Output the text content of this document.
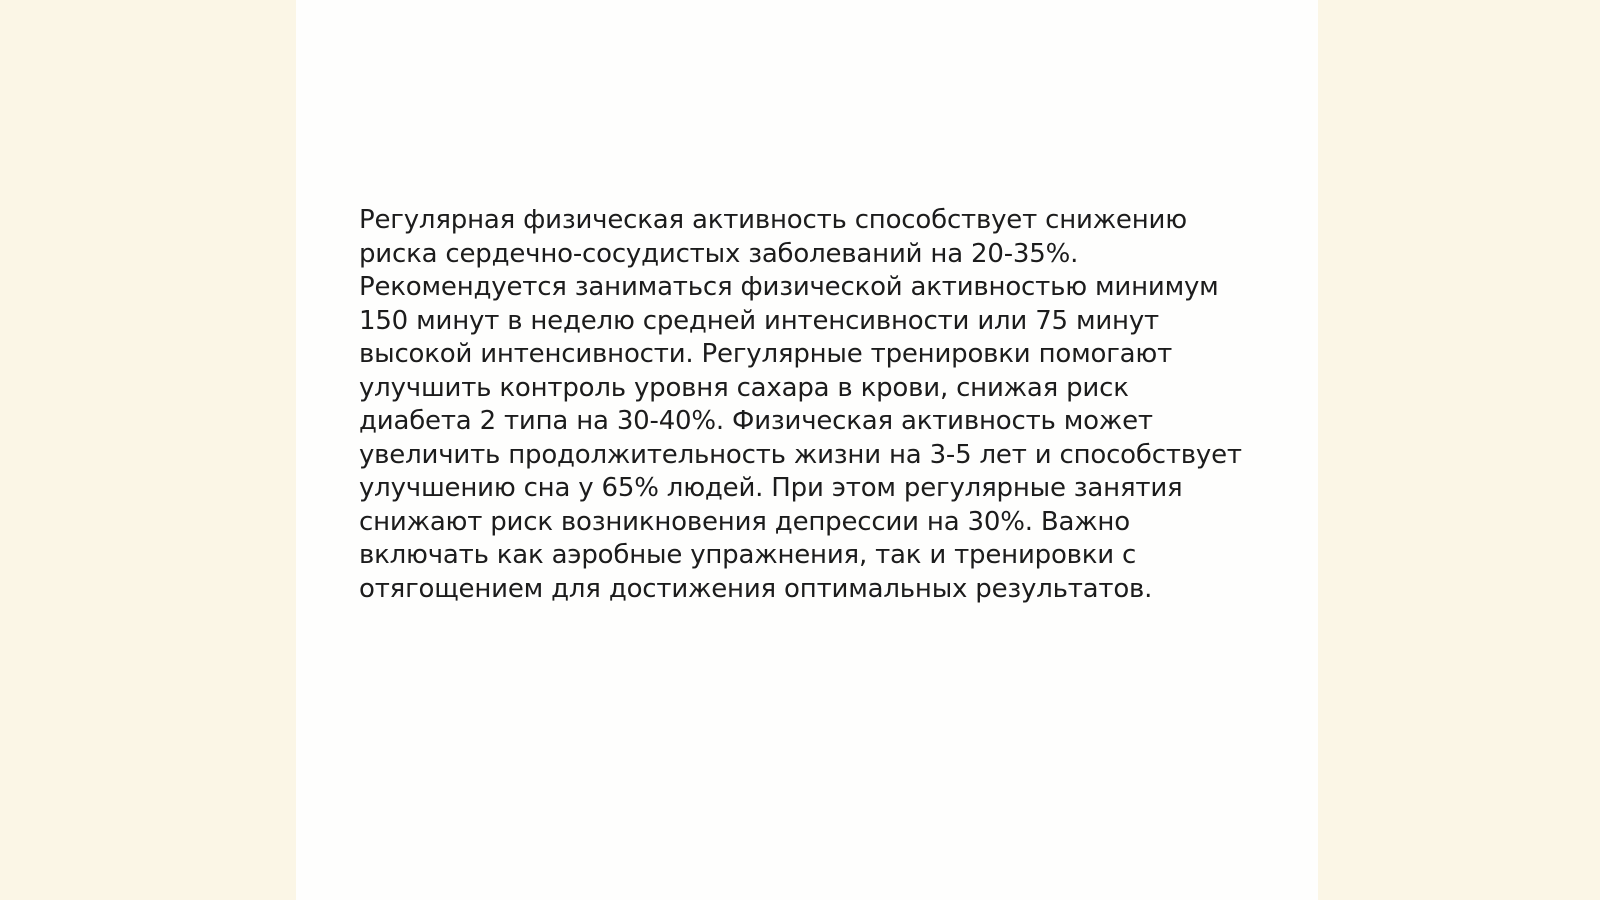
Регулярная физическая активность способствует снижению
риска сердечно-сосудистых заболеваний на 20-35%.
Рекомендуется заниматься физической активностью минимум
150 минут в неделю средней интенсивности или 75 минут
высокой интенсивности. Регулярные тренировки помогают
улучшить контроль уровня сахара в крови, снижая риск
диабета 2 типа на 30-40%. Физическая активность может
увеличить продолжительность жизни на 3-5 лет и способствует
улучшению сна у 65% людей. При этом регулярные занятия
снижают риск возникновения депрессии на 30%. Важно
включать как аэробные упражнения, так и тренировки с
отягощением для достижения оптимальных результатов.
